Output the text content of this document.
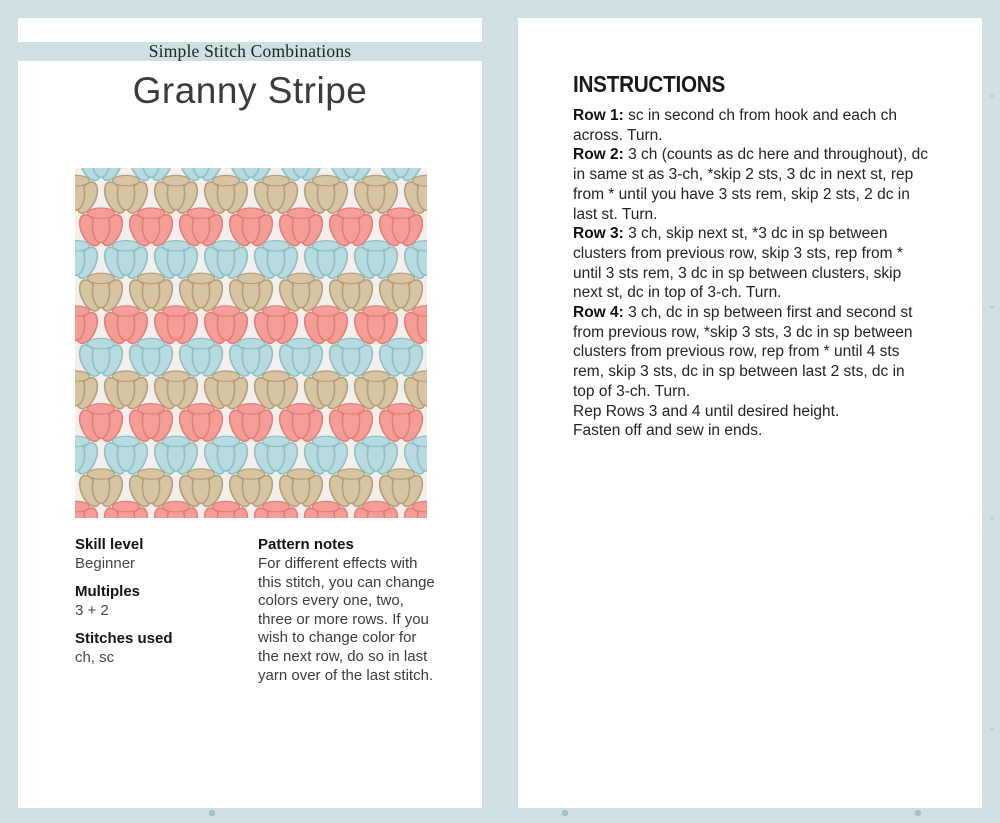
Simple Stitch Combinations
Granny Stripe
Skill level
Beginner
Multiples
3 + 2
Stitches used
ch, sc
Pattern notes
For different effects with this stitch, you can change colors every one, two, three or more rows. If you wish to change color for the next row, do so in last yarn over of the last stitch.
INSTRUCTIONS

Row 1: sc in second ch from hook and each ch across. Turn.

Row 2: 3 ch (counts as dc here and throughout), dc in same st as 3-ch, *skip 2 sts, 3 dc in next st, rep from * until you have 3 sts rem, skip 2 sts, 2 dc in last st. Turn.

Row 3: 3 ch, skip next st, *3 dc in sp between clusters from previous row, skip 3 sts, rep from * until 3 sts rem, 3 dc in sp between clusters, skip next st, dc in top of 3-ch. Turn.

Row 4: 3 ch, dc in sp between first and second st from previous row, *skip 3 sts, 3 dc in sp between clusters from previous row, rep from * until 4 sts rem, skip 3 sts, dc in sp between last 2 sts, dc in top of 3-ch. Turn.

Rep Rows 3 and 4 until desired height.

Fasten off and sew in ends.
